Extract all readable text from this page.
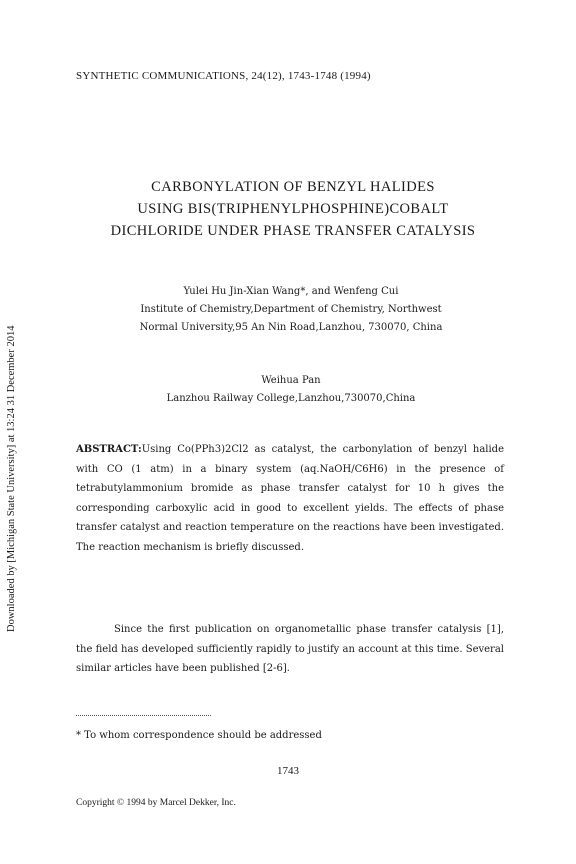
Downloaded by [Michigan State University] at 13:24 31 December 2014
SYNTHETIC COMMUNICATIONS, 24(12), 1743-1748 (1994)
CARBONYLATION OF BENZYL HALIDES
USING BIS(TRIPHENYLPHOSPHINE)COBALT
DICHLORIDE UNDER PHASE TRANSFER CATALYSIS
Yulei Hu Jin-Xian Wang*, and Wenfeng Cui
Institute of Chemistry,Department of Chemistry, Northwest
Normal University,95 An Nin Road,Lanzhou, 730070, China
Weihua Pan
Lanzhou Railway College,Lanzhou,730070,China
ABSTRACT:Using Co(PPh3)2Cl2 as catalyst, the carbonylation of benzyl halide with CO (1 atm) in a binary system (aq.NaOH/C6H6) in the presence of tetrabutylammonium bromide as phase transfer catalyst for 10 h gives the corresponding carboxylic acid in good to excellent yields. The effects of phase transfer catalyst and reaction temperature on the reactions have been investigated. The reaction mechanism is briefly discussed.
Since the first publication on organometallic phase transfer catalysis [1], the field has developed sufficiently rapidly to justify an account at this time. Several similar articles have been published [2-6].
* To whom correspondence should be addressed
1743
Copyright © 1994 by Marcel Dekker, Inc.
